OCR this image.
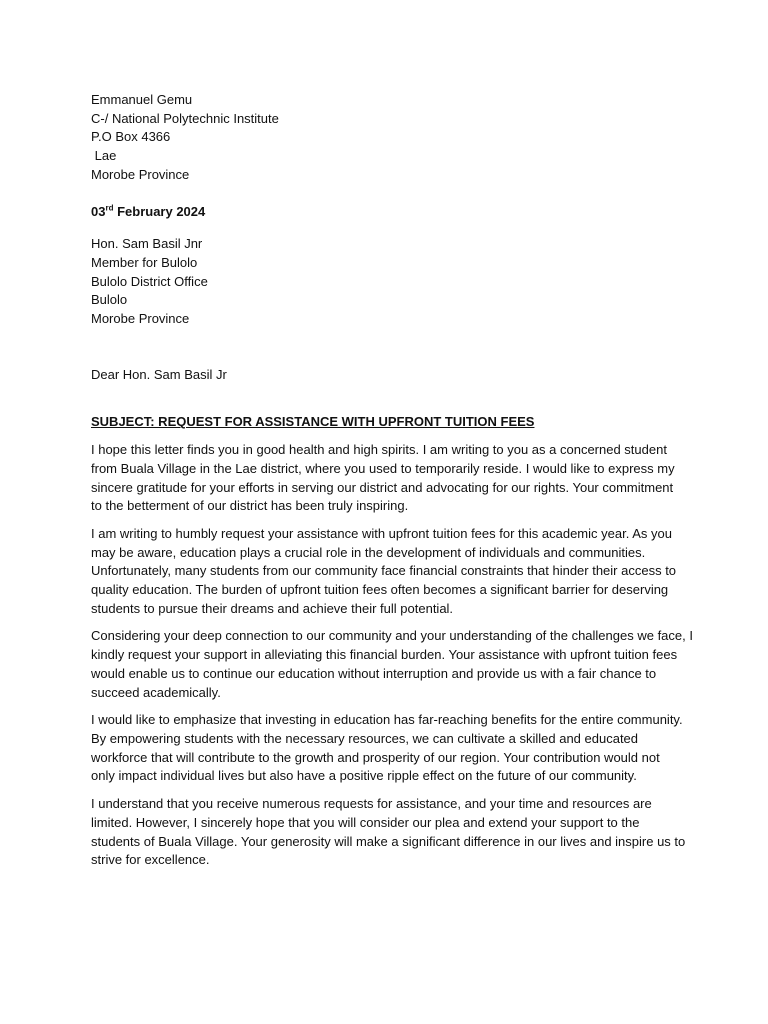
Emmanuel Gemu
C-/ National Polytechnic Institute
P.O Box 4366
Lae
Morobe Province
03rd February 2024
Hon. Sam Basil Jnr
Member for Bulolo
Bulolo District Office
Bulolo
Morobe Province
Dear Hon. Sam Basil Jr
SUBJECT: REQUEST FOR ASSISTANCE WITH UPFRONT TUITION FEES

I hope this letter finds you in good health and high spirits. I am writing to you as a concerned student
from Buala Village in the Lae district, where you used to temporarily reside. I would like to express my
sincere gratitude for your efforts in serving our district and advocating for our rights. Your commitment
to the betterment of our district has been truly inspiring.

I am writing to humbly request your assistance with upfront tuition fees for this academic year. As you
may be aware, education plays a crucial role in the development of individuals and communities.
Unfortunately, many students from our community face financial constraints that hinder their access to
quality education. The burden of upfront tuition fees often becomes a significant barrier for deserving
students to pursue their dreams and achieve their full potential.

Considering your deep connection to our community and your understanding of the challenges we face, I
kindly request your support in alleviating this financial burden. Your assistance with upfront tuition fees
would enable us to continue our education without interruption and provide us with a fair chance to
succeed academically.

I would like to emphasize that investing in education has far-reaching benefits for the entire community.
By empowering students with the necessary resources, we can cultivate a skilled and educated
workforce that will contribute to the growth and prosperity of our region. Your contribution would not
only impact individual lives but also have a positive ripple effect on the future of our community.

I understand that you receive numerous requests for assistance, and your time and resources are
limited. However, I sincerely hope that you will consider our plea and extend your support to the
students of Buala Village. Your generosity will make a significant difference in our lives and inspire us to
strive for excellence.
